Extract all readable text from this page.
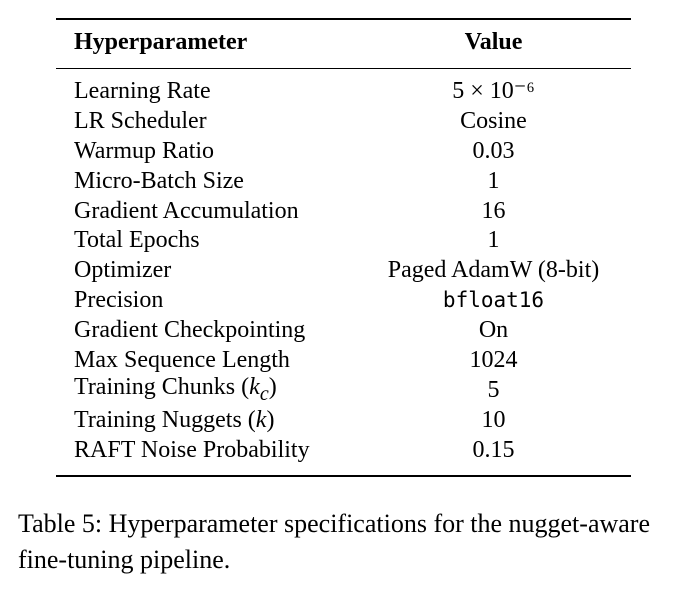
Hyperparameter	Value
Learning Rate	5 × 10⁻⁶
LR Scheduler	Cosine
Warmup Ratio	0.03
Micro-Batch Size	1
Gradient Accumulation	16
Total Epochs	1
Optimizer	Paged AdamW (8-bit)
Precision	bfloat16
Gradient Checkpointing	On
Max Sequence Length	1024
Training Chunks $(k_c)$	5
Training Nuggets (k)	10
RAFT Noise Probability	0.15
Table 5: Hyperparameter specifications for the nugget-aware fine-tuning pipeline.
